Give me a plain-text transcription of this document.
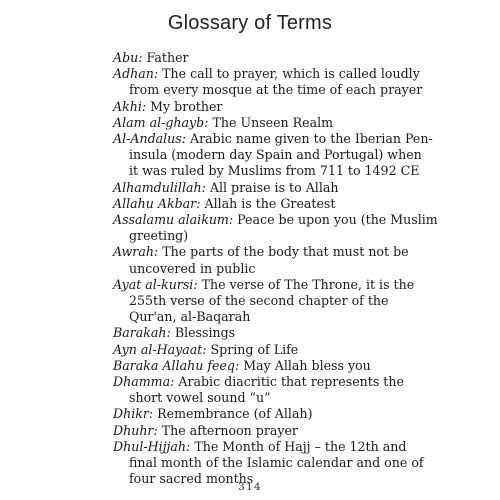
Glossary of Terms
Abu: Father
Adhan: The call to prayer, which is called loudly
from every mosque at the time of each prayer
Akhi: My brother
Alam al-ghayb: The Unseen Realm
Al-Andalus: Arabic name given to the Iberian Pen-
insula (modern day Spain and Portugal) when
it was ruled by Muslims from 711 to 1492 CE
Alhamdulillah: All praise is to Allah
Allahu Akbar: Allah is the Greatest
Assalamu alaikum: Peace be upon you (the Muslim
greeting)
Awrah: The parts of the body that must not be
uncovered in public
Ayat al-kursi: The verse of The Throne, it is the
255th verse of the second chapter of the
Qur'an, al-Baqarah
Barakah: Blessings
Ayn al-Hayaat: Spring of Life
Baraka Allahu feeq: May Allah bless you
Dhamma: Arabic diacritic that represents the
short vowel sound “u”
Dhikr: Remembrance (of Allah)
Dhuhr: The afternoon prayer
Dhul-Hijjah: The Month of Hajj – the 12th and
final month of the Islamic calendar and one of
four sacred months
314
